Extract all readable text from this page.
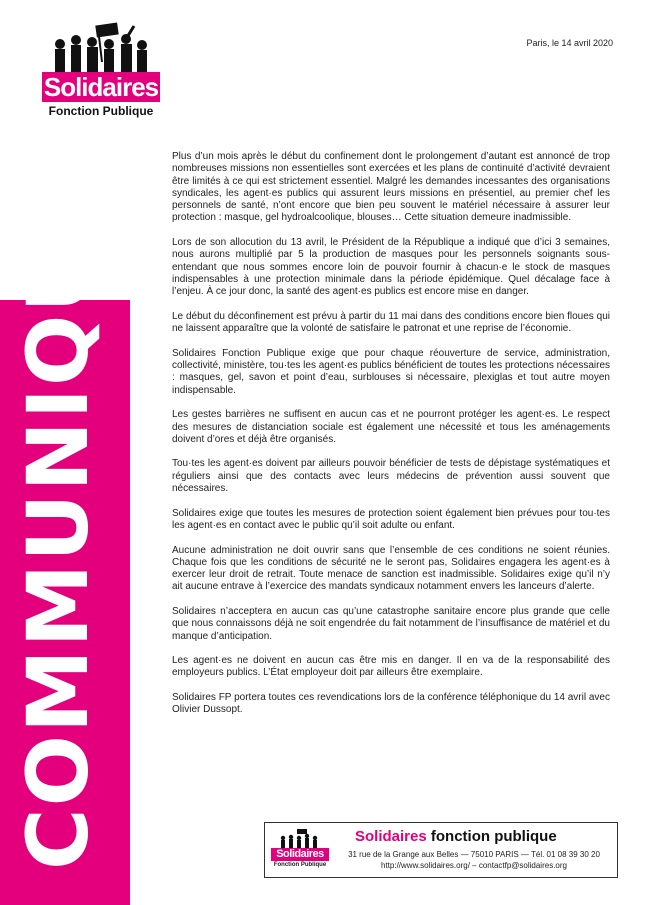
Solidaires
Fonction Publique
Paris, le 14 avril 2020
COMMUNIQUÉ

Plus d’un mois après le début du confinement dont le prolongement d’autant est annoncé de trop nombreuses missions non essentielles sont exercées et les plans de continuité d’activité devraient être limités à ce qui est strictement essentiel. Malgré les demandes incessantes des organisations syndicales, les agent·es publics qui assurent leurs missions en présentiel, au premier chef les personnels de santé, n’ont encore que bien peu souvent le matériel nécessaire à assurer leur protection : masque, gel hydroalcoolique, blouses… Cette situation demeure inadmissible.

Lors de son allocution du 13 avril, le Président de la République a indiqué que d’ici 3 semaines, nous aurons multiplié par 5 la production de masques pour les personnels soignants sous-entendant que nous sommes encore loin de pouvoir fournir à chacun·e le stock de masques indispensables à une protection minimale dans la période épidémique. Quel décalage face à l’enjeu. À ce jour donc, la santé des agent·es publics est encore mise en danger.

Le début du déconfinement est prévu à partir du 11 mai dans des conditions encore bien floues qui ne laissent apparaître que la volonté de satisfaire le patronat et une reprise de l’économie.

Solidaires Fonction Publique exige que pour chaque réouverture de service, administration, collectivité, ministère, tou·tes les agent·es publics bénéficient de toutes les protections nécessaires : masques, gel, savon et point d’eau, surblouses si nécessaire, plexiglas et tout autre moyen indispensable.

Les gestes barrières ne suffisent en aucun cas et ne pourront protéger les agent·es. Le respect des mesures de distanciation sociale est également une nécessité et tous les aménagements doivent d’ores et déjà être organisés.

Tou·tes les agent·es doivent par ailleurs pouvoir bénéficier de tests de dépistage systématiques et réguliers ainsi que des contacts avec leurs médecins de prévention aussi souvent que nécessaires.

Solidaires exige que toutes les mesures de protection soient également bien prévues pour tou·tes les agent·es en contact avec le public qu’il soit adulte ou enfant.

Aucune administration ne doit ouvrir sans que l’ensemble de ces conditions ne soient réunies. Chaque fois que les conditions de sécurité ne le seront pas, Solidaires engagera les agent·es à exercer leur droit de retrait. Toute menace de sanction est inadmissible. Solidaires exige qu’il n’y ait aucune entrave à l’exercice des mandats syndicaux notamment envers les lanceurs d’alerte.

Solidaires n’acceptera en aucun cas qu’une catastrophe sanitaire encore plus grande que celle que nous connaissons déjà ne soit engendrée du fait notamment de l’insuffisance de matériel et du manque d’anticipation.

Les agent·es ne doivent en aucun cas être mis en danger. Il en va de la responsabilité des employeurs publics. L’État employeur doit par ailleurs être exemplaire.

Solidaires FP portera toutes ces revendications lors de la conférence téléphonique du 14 avril avec Olivier Dussopt.

Solidaires
Fonction Publique
Solidaires fonction publique
31 rue de la Grange aux Belles — 75010 PARIS — Tél. 01 08 39 30 20
http://www.solidaires.org/ – contactfp@solidaires.org
